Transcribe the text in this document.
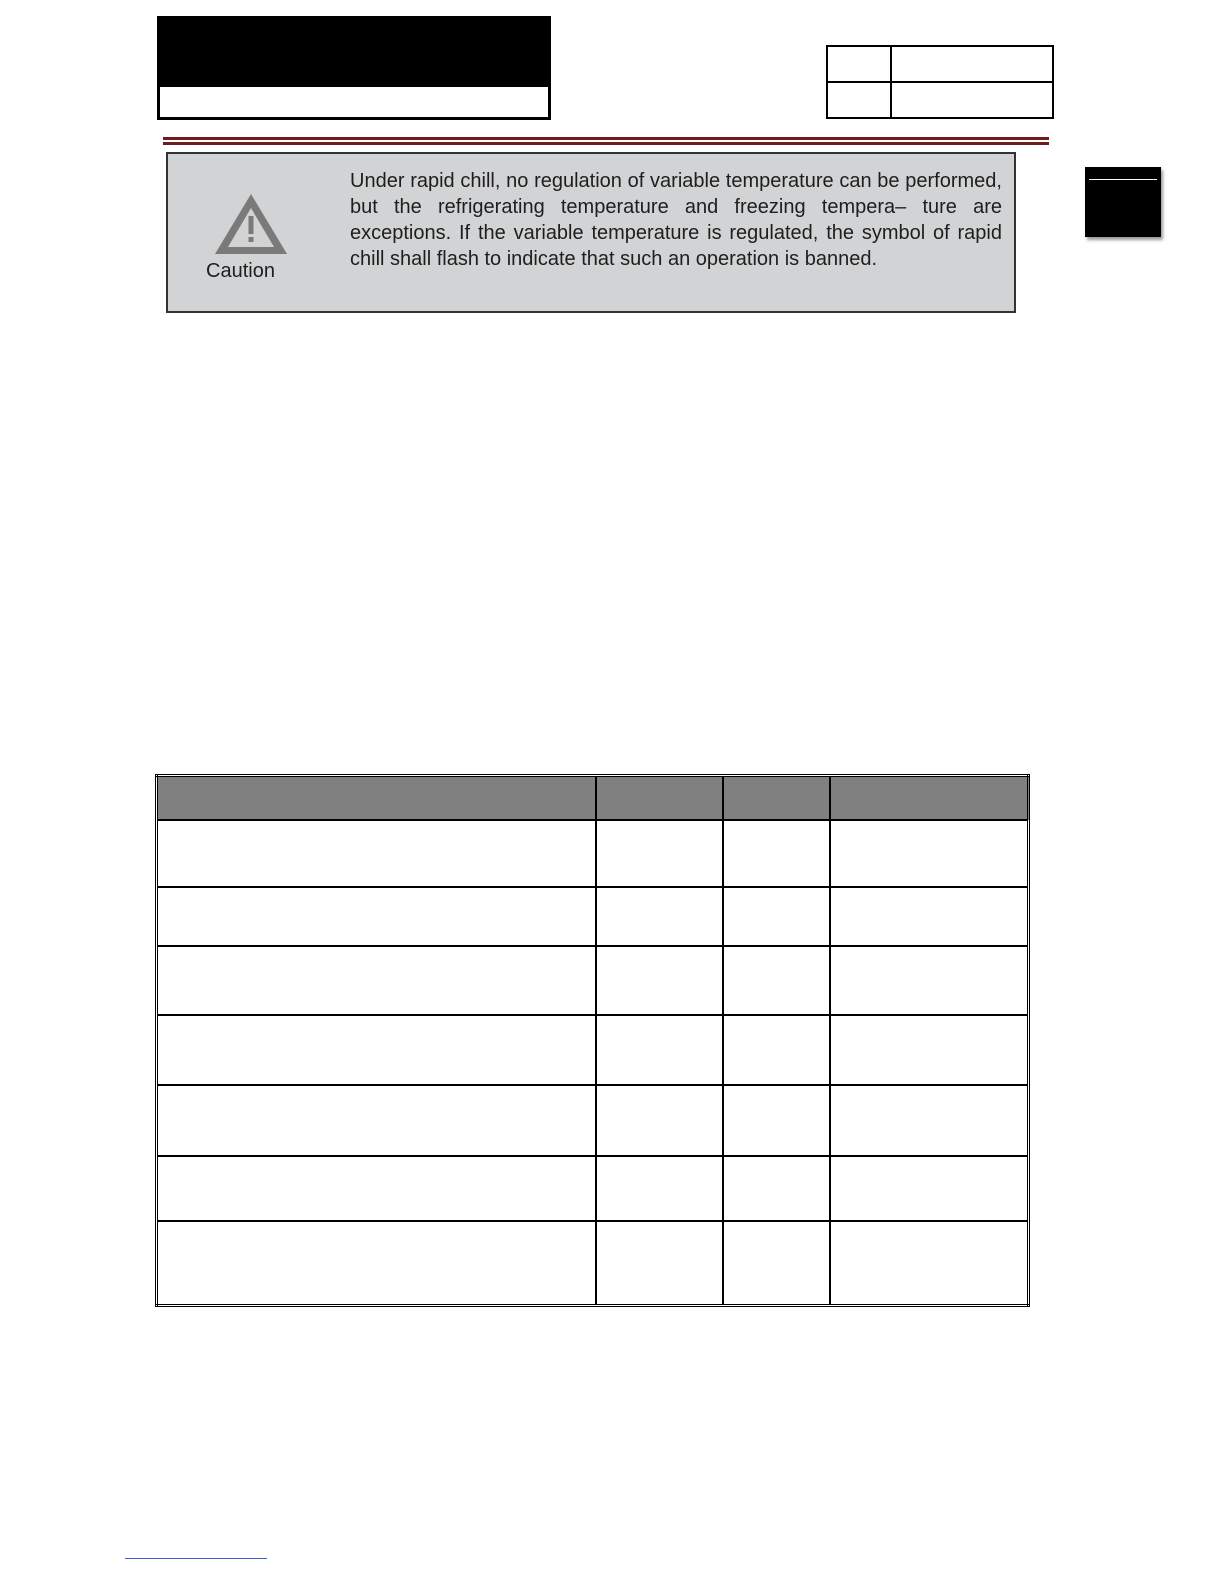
Caution

Under rapid chill, no regulation of variable temperature can be performed, but the refrigerating temperature and freezing tempera– ture are exceptions. If the variable temperature is regulated, the symbol of rapid chill shall flash to indicate that such an operation is banned.
